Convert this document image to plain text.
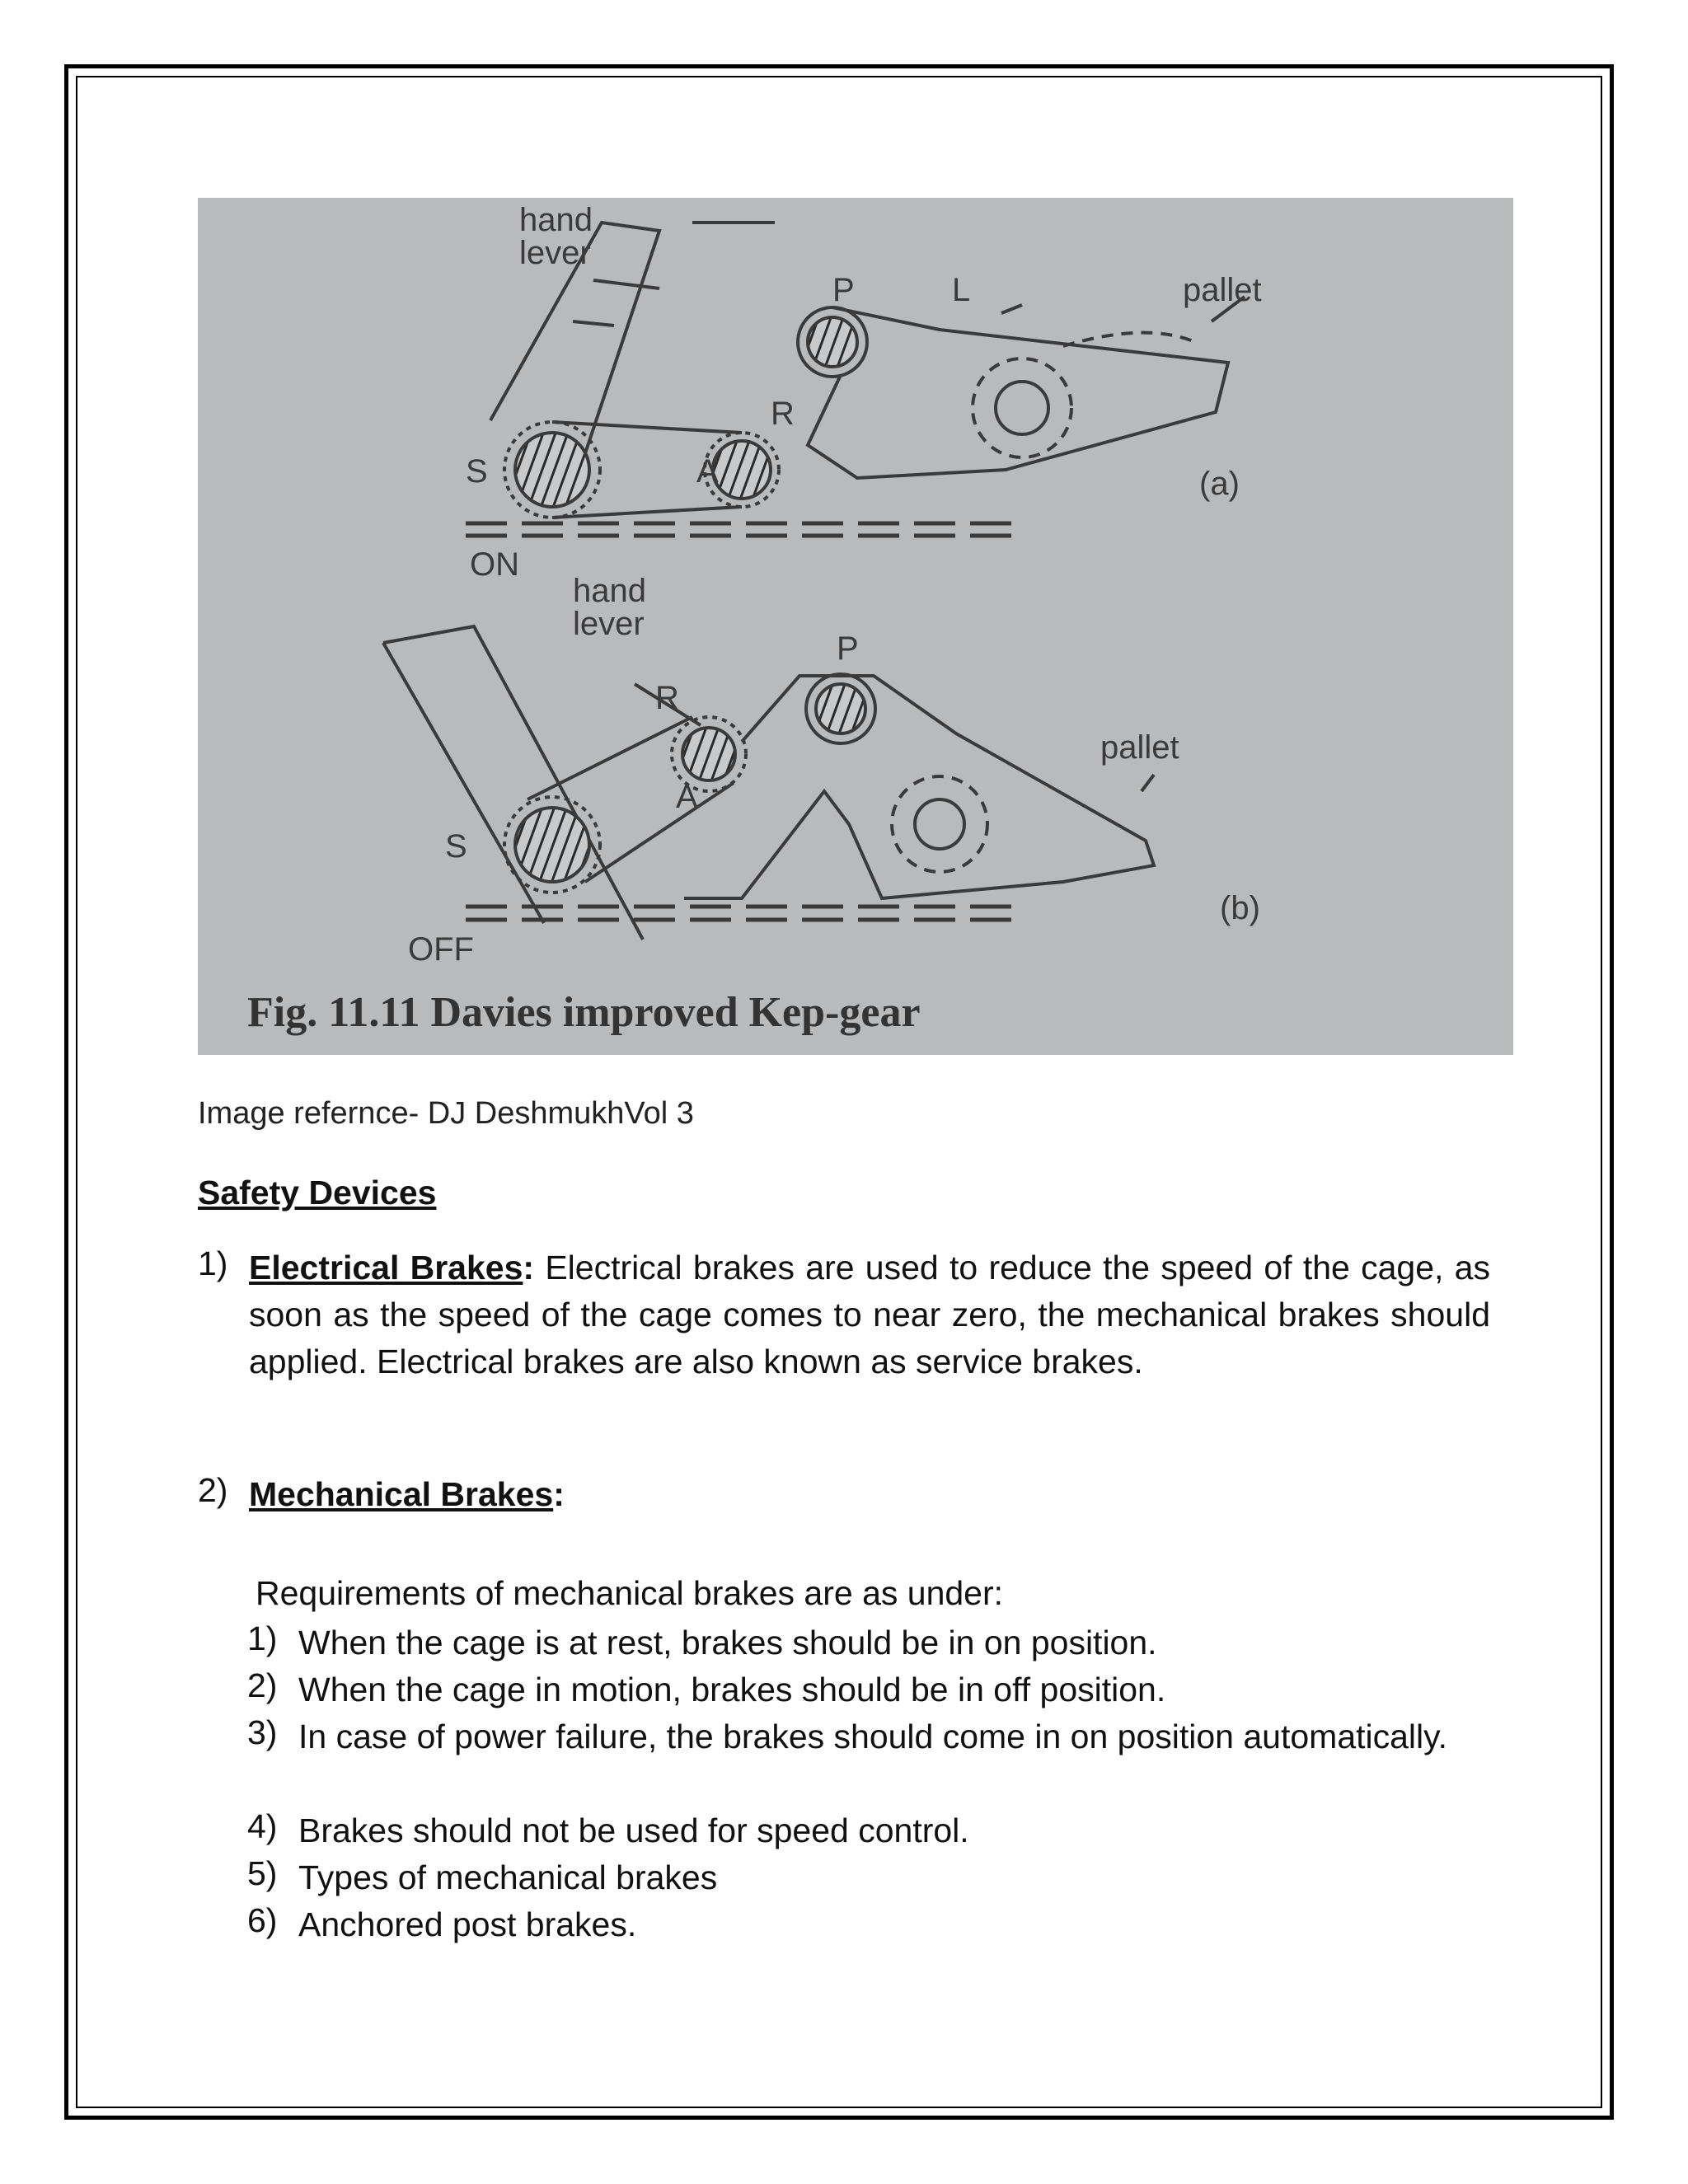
hand
lever
P	L	pallet
R
S	A	(a)
ON
hand
lever
P
R
pallet
A
S
(b)
OFF
Fig. 11.11 Davies improved Kep-gear
Image refernce- DJ DeshmukhVol 3
Safety Devices
1) Electrical Brakes: Electrical brakes are used to reduce the speed of the cage, as soon as the speed of the cage comes to near zero, the mechanical brakes should applied. Electrical brakes are also known as service brakes.
2) Mechanical Brakes:
Requirements of mechanical brakes are as under:
1) When the cage is at rest, brakes should be in on position.
2) When the cage in motion, brakes should be in off position.
3) In case of power failure, the brakes should come in on position automatically.
4) Brakes should not be used for speed control.
5) Types of mechanical brakes
6) Anchored post brakes.
